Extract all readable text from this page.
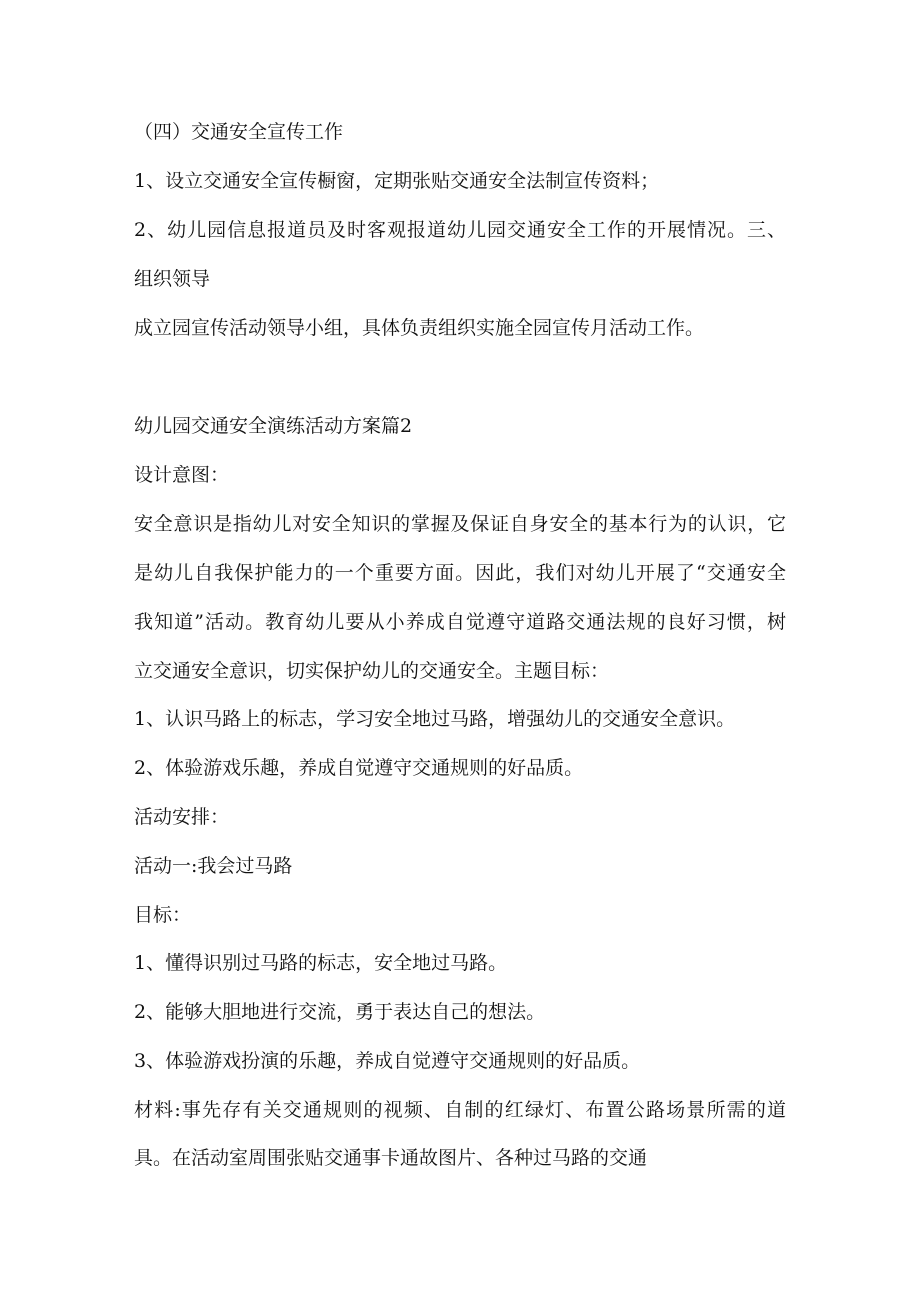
（四）交通安全宣传工作

1、设立交通安全宣传橱窗，定期张贴交通安全法制宣传资料；

2、幼儿园信息报道员及时客观报道幼儿园交通安全工作的开展情况。三、

组织领导

成立园宣传活动领导小组，具体负责组织实施全园宣传月活动工作。

幼儿园交通安全演练活动方案篇2

设计意图：

安全意识是指幼儿对安全知识的掌握及保证自身安全的基本行为的认识，它

是幼儿自我保护能力的一个重要方面。因此，我们对幼儿开展了“交通安全

我知道”活动。教育幼儿要从小养成自觉遵守道路交通法规的良好习惯，树

立交通安全意识，切实保护幼儿的交通安全。主题目标：

1、认识马路上的标志，学习安全地过马路，增强幼儿的交通安全意识。

2、体验游戏乐趣，养成自觉遵守交通规则的好品质。

活动安排：

活动一:我会过马路

目标：

1、懂得识别过马路的标志，安全地过马路。

2、能够大胆地进行交流，勇于表达自己的想法。

3、体验游戏扮演的乐趣，养成自觉遵守交通规则的好品质。

材料:事先存有关交通规则的视频、自制的红绿灯、布置公路场景所需的道

具。在活动室周围张贴交通事卡通故图片、各种过马路的交通
